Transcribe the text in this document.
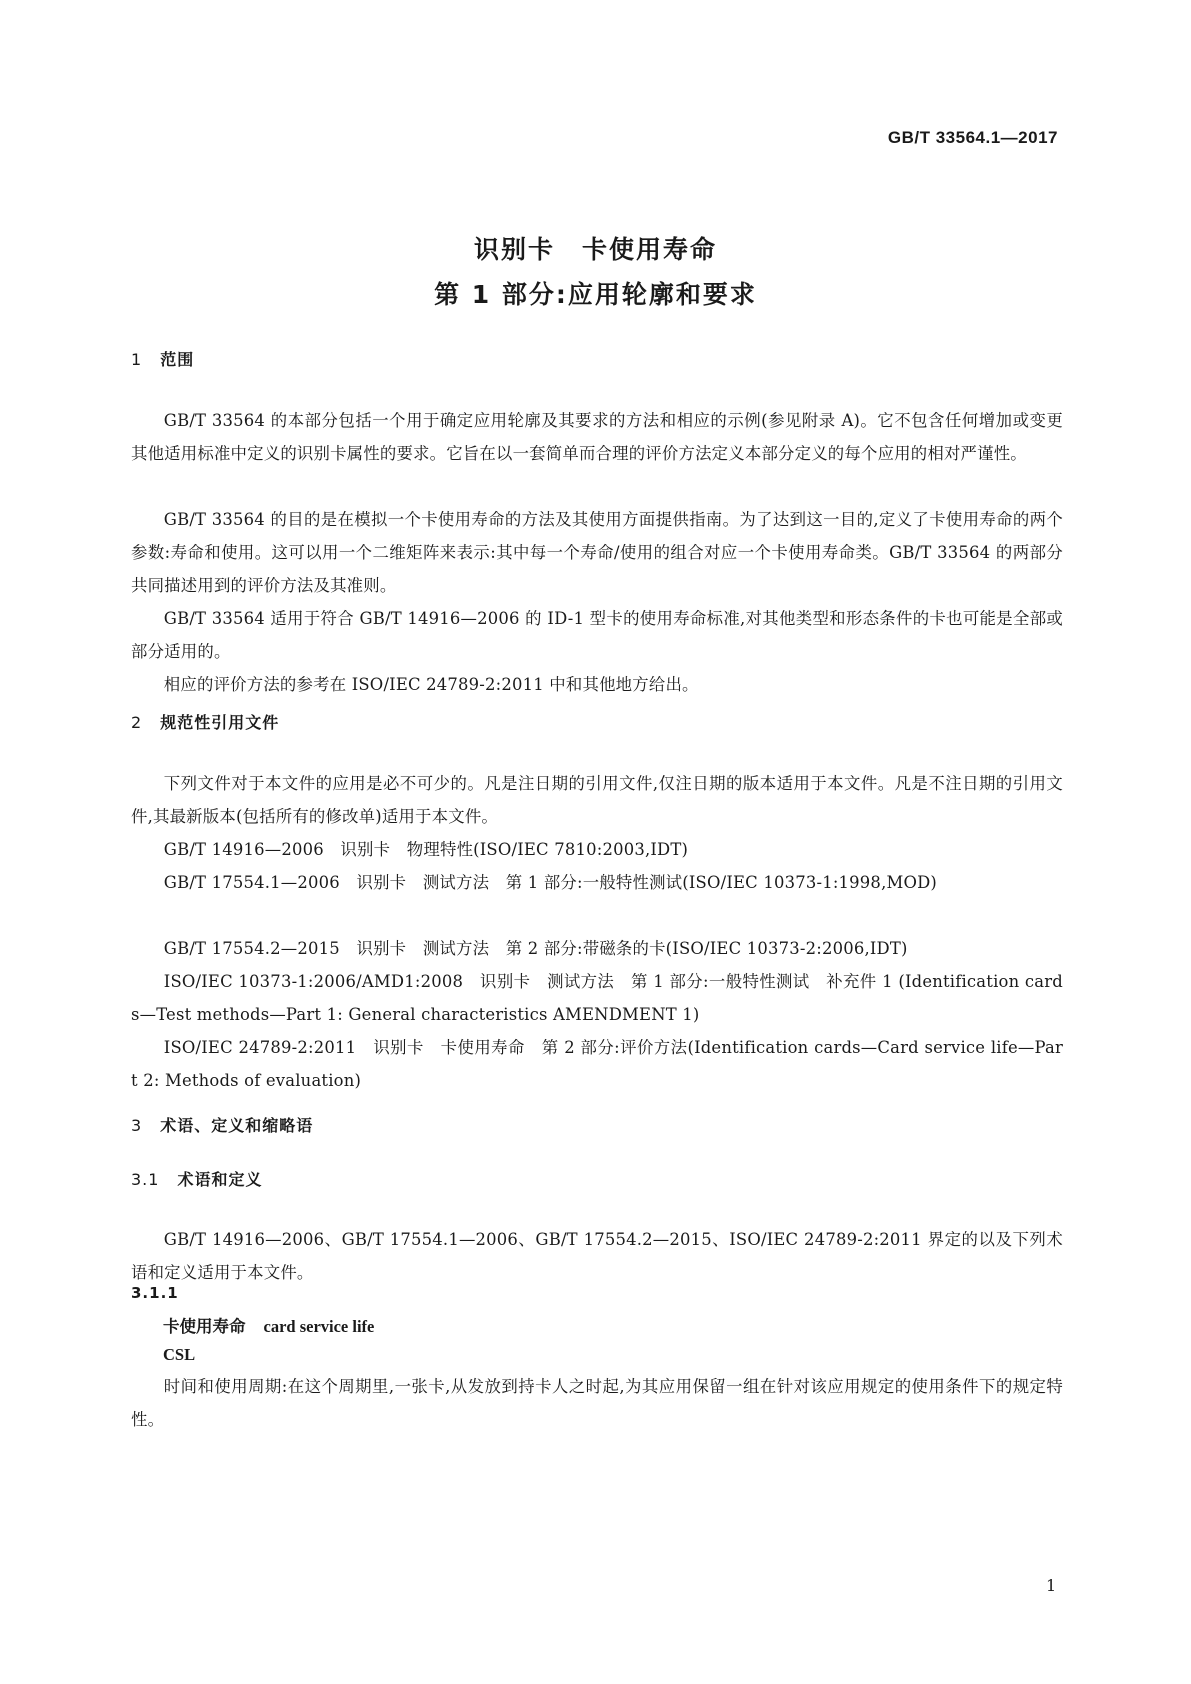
GB/T 33564.1—2017
识别卡　卡使用寿命
第 1 部分:应用轮廓和要求
1 范围

GB/T 33564 的本部分包括一个用于确定应用轮廓及其要求的方法和相应的示例(参见附录 A)。它不包含任何增加或变更其他适用标准中定义的识别卡属性的要求。它旨在以一套简单而合理的评价方法定义本部分定义的每个应用的相对严谨性。

GB/T 33564 的目的是在模拟一个卡使用寿命的方法及其使用方面提供指南。为了达到这一目的,定义了卡使用寿命的两个参数:寿命和使用。这可以用一个二维矩阵来表示:其中每一个寿命/使用的组合对应一个卡使用寿命类。GB/T 33564 的两部分共同描述用到的评价方法及其准则。

GB/T 33564 适用于符合 GB/T 14916—2006 的 ID-1 型卡的使用寿命标准,对其他类型和形态条件的卡也可能是全部或部分适用的。

相应的评价方法的参考在 ISO/IEC 24789-2:2011 中和其他地方给出。

2 规范性引用文件

下列文件对于本文件的应用是必不可少的。凡是注日期的引用文件,仅注日期的版本适用于本文件。凡是不注日期的引用文件,其最新版本(包括所有的修改单)适用于本文件。

GB/T 14916—2006　识别卡　物理特性(ISO/IEC 7810:2003,IDT)

GB/T 17554.1—2006　识别卡　测试方法　第 1 部分:一般特性测试(ISO/IEC 10373-1:1998,MOD)

GB/T 17554.2—2015　识别卡　测试方法　第 2 部分:带磁条的卡(ISO/IEC 10373-2:2006,IDT)

ISO/IEC 10373-1:2006/AMD1:2008　识别卡　测试方法　第 1 部分:一般特性测试　补充件 1 (Identification cards—Test methods—Part 1: General characteristics AMENDMENT 1)

ISO/IEC 24789-2:2011　识别卡　卡使用寿命　第 2 部分:评价方法(Identification cards—Card service life—Part 2: Methods of evaluation)

3 术语、定义和缩略语
3.1 术语和定义

GB/T 14916—2006、GB/T 17554.1—2006、GB/T 17554.2—2015、ISO/IEC 24789-2:2011 界定的以及下列术语和定义适用于本文件。

3.1.1

卡使用寿命 card service life

CSL

时间和使用周期:在这个周期里,一张卡,从发放到持卡人之时起,为其应用保留一组在针对该应用规定的使用条件下的规定特性。

1
